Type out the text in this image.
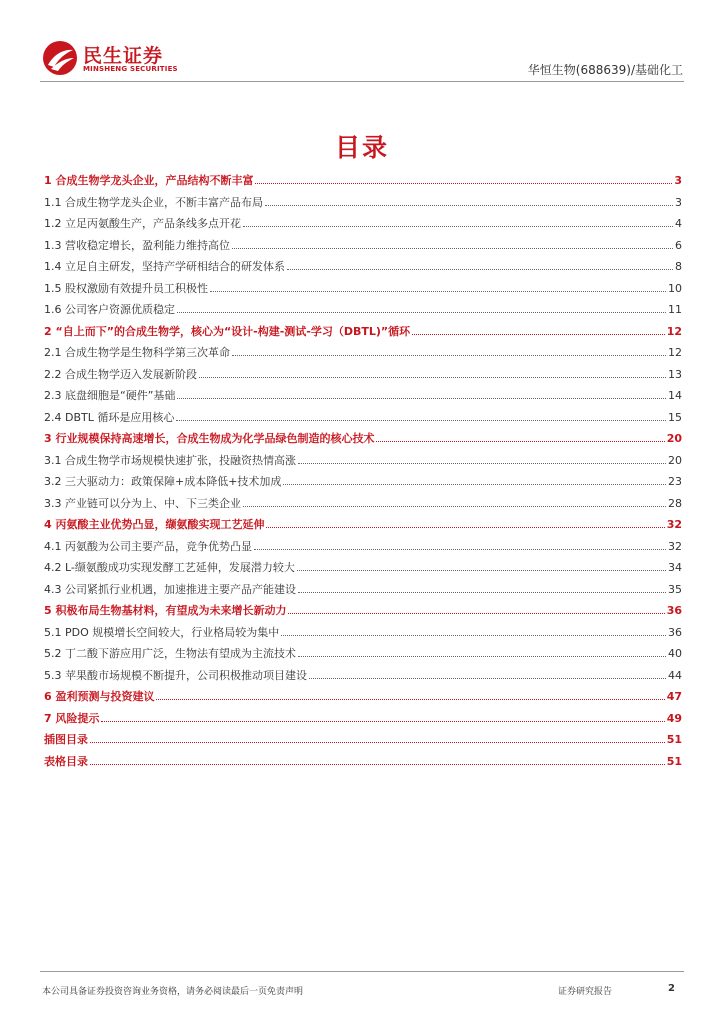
民生证券
MINSHENG SECURITIES	华恒生物(688639)/基础化工
目录
1 合成生物学龙头企业，产品结构不断丰富	3
1.1 合成生物学龙头企业，不断丰富产品布局	3
1.2 立足丙氨酸生产，产品条线多点开花	4
1.3 营收稳定增长，盈利能力维持高位	6
1.4 立足自主研发，坚持产学研相结合的研发体系	8
1.5 股权激励有效提升员工积极性	10
1.6 公司客户资源优质稳定	11
2 “自上而下”的合成生物学，核心为“设计-构建-测试-学习（DBTL)”循环	12
2.1 合成生物学是生物科学第三次革命	12
2.2 合成生物学迈入发展新阶段	13
2.3 底盘细胞是“硬件”基础	14
2.4 DBTL 循环是应用核心	15
3 行业规模保持高速增长，合成生物成为化学品绿色制造的核心技术	20
3.1 合成生物学市场规模快速扩张，投融资热情高涨	20
3.2 三大驱动力：政策保障+成本降低+技术加成	23
3.3 产业链可以分为上、中、下三类企业	28
4 丙氨酸主业优势凸显，缬氨酸实现工艺延伸	32
4.1 丙氨酸为公司主要产品，竞争优势凸显	32
4.2 L-缬氨酸成功实现发酵工艺延伸，发展潜力较大	34
4.3 公司紧抓行业机遇，加速推进主要产品产能建设	35
5 积极布局生物基材料，有望成为未来增长新动力	36
5.1 PDO 规模增长空间较大，行业格局较为集中	36
5.2 丁二酸下游应用广泛，生物法有望成为主流技术	40
5.3 苹果酸市场规模不断提升，公司积极推动项目建设	44
6 盈利预测与投资建议	47
7 风险提示	49
插图目录	51
表格目录	51
本公司具备证券投资咨询业务资格，请务必阅读最后一页免责声明	证券研究报告	2
